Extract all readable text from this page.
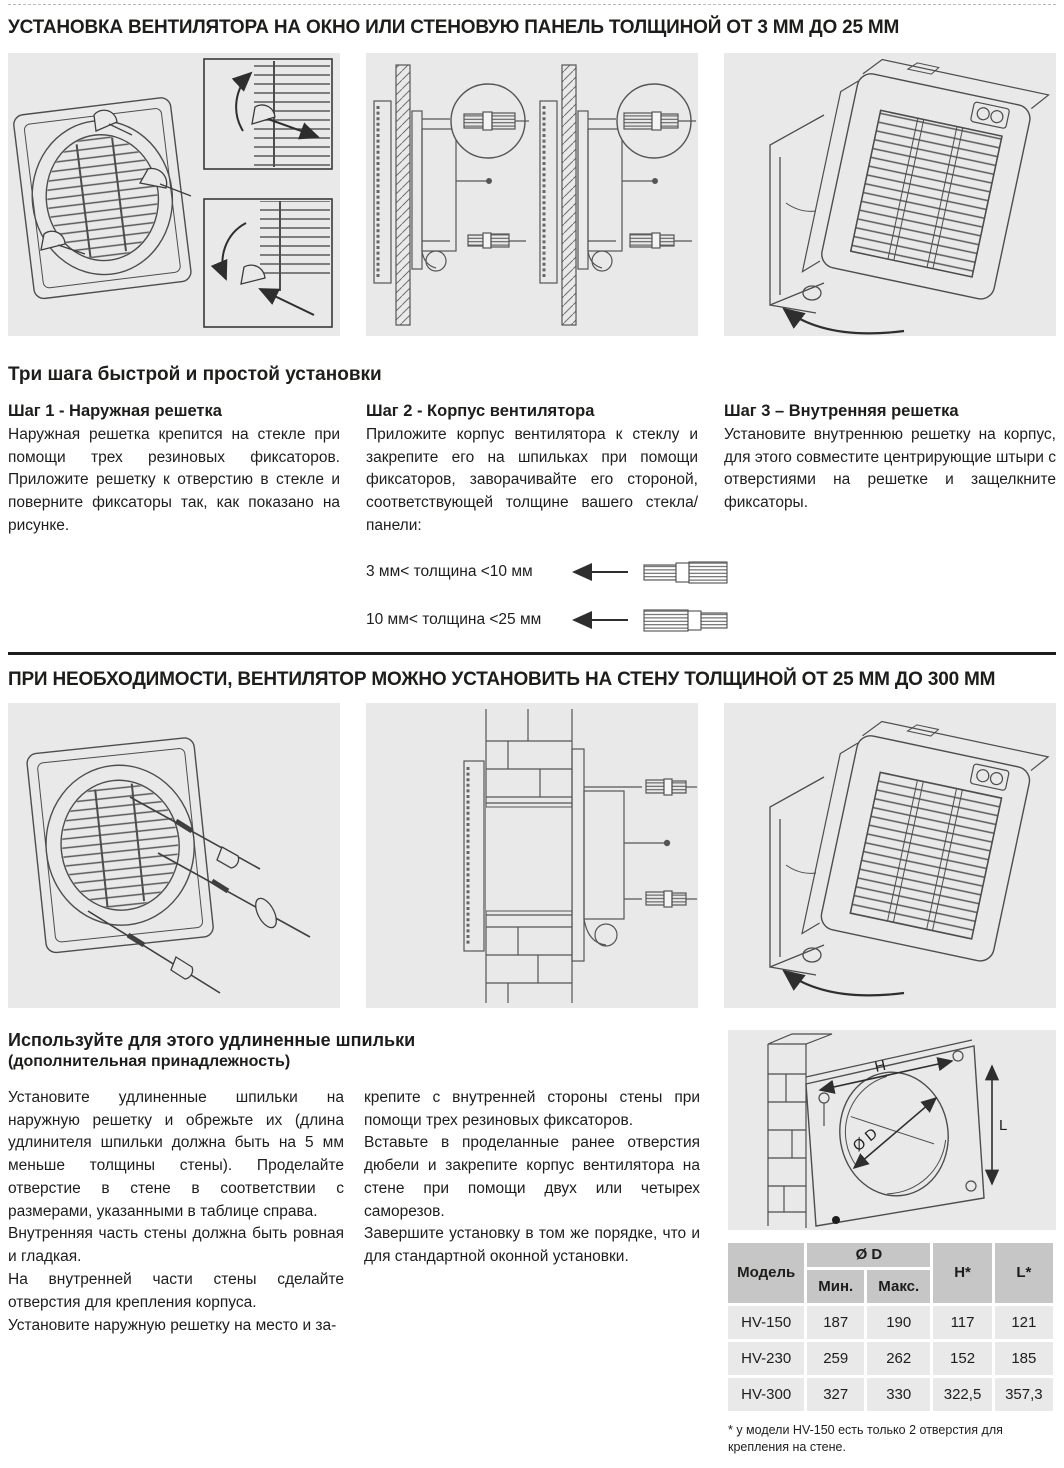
УСТАНОВКА ВЕНТИЛЯТОРА НА ОКНО ИЛИ СТЕНОВУЮ ПАНЕЛЬ ТОЛЩИНОЙ ОТ 3 ММ ДО 25 ММ
Три шага быстрой и простой установки

Шаг 1 - Наружная решетка

Наружная решетка крепится на стекле при помощи трех резиновых фиксаторов. Приложите решетку к отверстию в стекле и поверните фиксаторы так, как показано на рисунке.

Шаг 2 - Корпус вентилятора

Приложите корпус вентилятора к стеклу и закрепите его на шпильках при помощи фиксаторов, заворачивайте его стороной, соответствующей толщине вашего стекла/панели:

3 мм< толщина <10 мм
10 мм< толщина <25 мм

Шаг 3 – Внутренняя решетка

Установите внутреннюю решетку на корпус, для этого совместите центрирующие штыри с отверстиями на решетке и защелкните фиксаторы.

ПРИ НЕОБХОДИМОСТИ, ВЕНТИЛЯТОР МОЖНО УСТАНОВИТЬ НА СТЕНУ ТОЛЩИНОЙ ОТ 25 ММ ДО 300 ММ

Используйте для этого удлиненные шпильки

(дополнительная принадлежность)

Установите удлиненные шпильки на наружную решетку и обрежьте их (длина удлинителя шпильки должна быть на 5 мм меньше толщины стены). Проделайте отверстие в стене в соответствии с размерами, указанными в таблице справа.

Внутренняя часть стены должна быть ровная и гладкая.

На внутренней части стены сделайте отверстия для крепления корпуса.

Установите наружную решетку на место и за-

крепите с внутренней стороны стены при помощи трех резиновых фиксаторов.

Вставьте в проделанные ранее отверстия дюбели и закрепите корпус вентилятора на стене при помощи двух или четырех саморезов.

Завершите установку в том же порядке, что и для стандартной оконной установки.

H
L
Ø D
Модель	Ø D		H*	L*
	Мин.	Макс.		
HV-150	187	190	117	121
HV-230	259	262	152	185
HV-300	327	330	322,5	357,3

* у модели HV-150 есть только 2 отверстия для крепления на стене.
